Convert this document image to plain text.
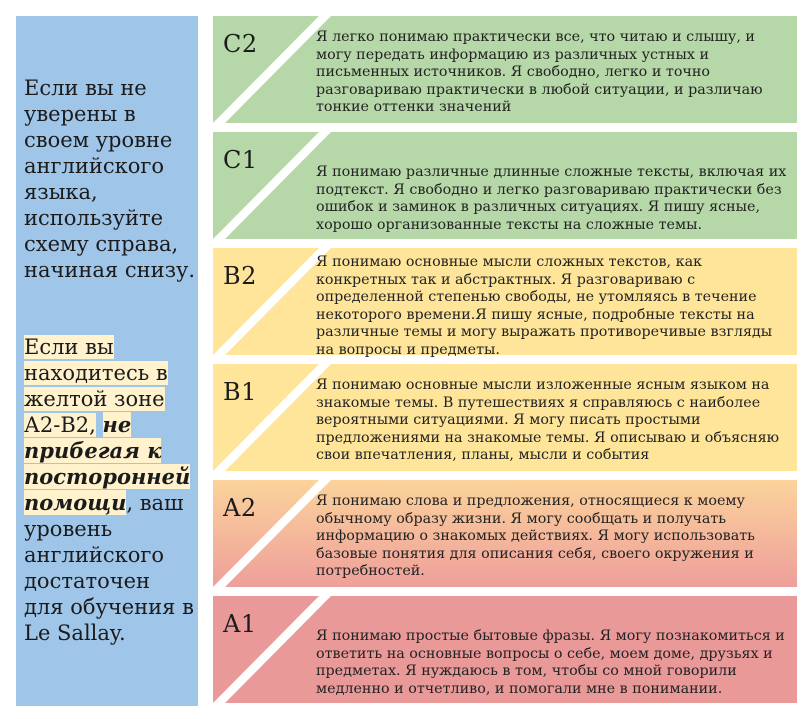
Если вы не уверены в своем уровне английского языка, используйте схему справа, начиная снизу.
Если вы находитесь в желтой зоне А2-В2, не прибегая к посторонней помощи, ваш уровень английского достаточен для обучения в Le Sallay.
C2	Я легко понимаю практически все, что читаю и слышу, и могу передать информацию из различных устных и письменных источников. Я свободно, легко и точно разговариваю практически в любой ситуации, и различаю тонкие оттенки значений
C1	Я понимаю различные длинные сложные тексты, включая их подтекст. Я свободно и легко разговариваю практически без ошибок и заминок в различных ситуациях. Я пишу ясные, хорошо организованные тексты на сложные темы.
B2	Я понимаю основные мысли сложных текстов, как конкретных так и абстрактных. Я разговариваю с определенной степенью свободы, не утомляясь в течение некоторого времени.Я пишу ясные, подробные тексты на различные темы и могу выражать противоречивые взгляды на вопросы и предметы.
B1	Я понимаю основные мысли изложенные ясным языком на знакомые темы. В путешествиях я справляюсь с наиболее вероятными ситуациями. Я могу писать простыми предложениями на знакомые темы. Я описываю и объясняю свои впечатления, планы, мысли и события
A2	Я понимаю слова и предложения, относящиеся к моему обычному образу жизни. Я могу сообщать и получать информацию о знакомых действиях. Я могу использовать базовые понятия для описания себя, своего окружения и потребностей.
A1	Я понимаю простые бытовые фразы. Я могу познакомиться и ответить на основные вопросы о себе, моем доме, друзьях и предметах. Я нуждаюсь в том, чтобы со мной говорили медленно и отчетливо, и помогали мне в понимании.
